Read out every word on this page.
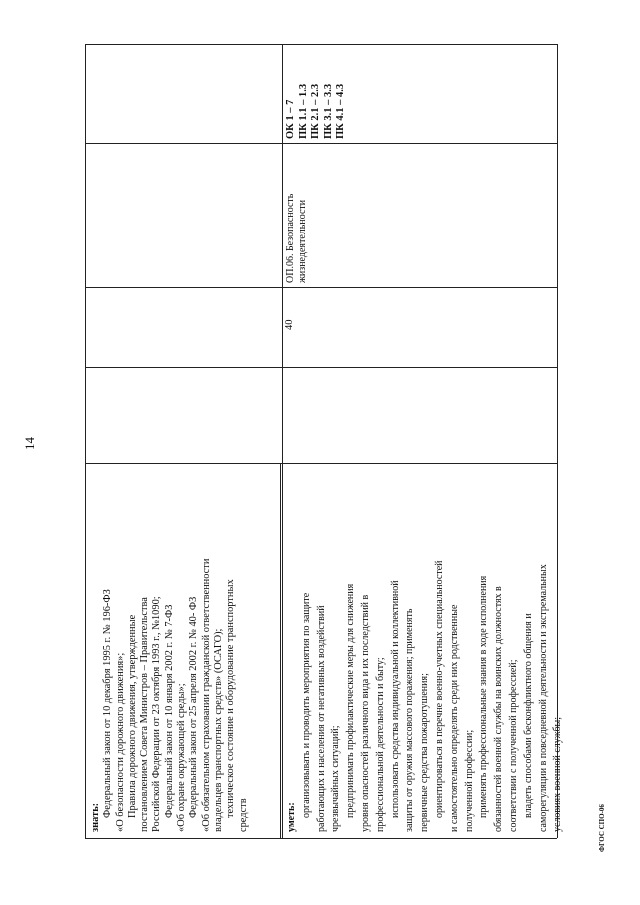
14
ФГОС СПО-06
знать: Федеральный закон от 10 декабря 1995 г. № 196-ФЗ «О безопасности дорожного движения»; Правила дорожного движения, утвержденные постановлением Совета Министров – Правительства Российской Федерации от 23 октября 1993 г., №1090; Федеральный закон от 10 января 2002 г. № 7-ФЗ «Об охране окружающей среды»; Федеральный закон от 25 апреля 2002 г. № 40- ФЗ «Об обязательном страховании гражданской ответственности владельцев транспортных средств» (ОСАГО); техническое состояние и оборудование транспортных средств	уметь: организовывать и проводить мероприятия по защите работающих и населения от негативных воздействий чрезвычайных ситуаций; предпринимать профилактические меры для снижения уровня опасностей различного вида и их последствий в профессиональной деятельности и быту; использовать средства индивидуальной и коллективной защиты от оружия массового поражения; применять первичные средства пожаротушения; ориентироваться в перечне военно-учетных специальностей и самостоятельно определять среди них родственные полученной профессии; применять профессиональные знания в ходе исполнения обязанностей военной службы на воинских должностях в соответствии с полученной профессией; владеть способами бесконфликтного общения и саморегуляции в повседневной деятельности и экстремальных условиях военной службы;
40
ОП.06. Безопасность жизнедеятельности
ОК 1 – 7 ПК 1.1 – 1.3 ПК 2.1 – 2.3 ПК 3.1 – 3.3 ПК 4.1 – 4.3
